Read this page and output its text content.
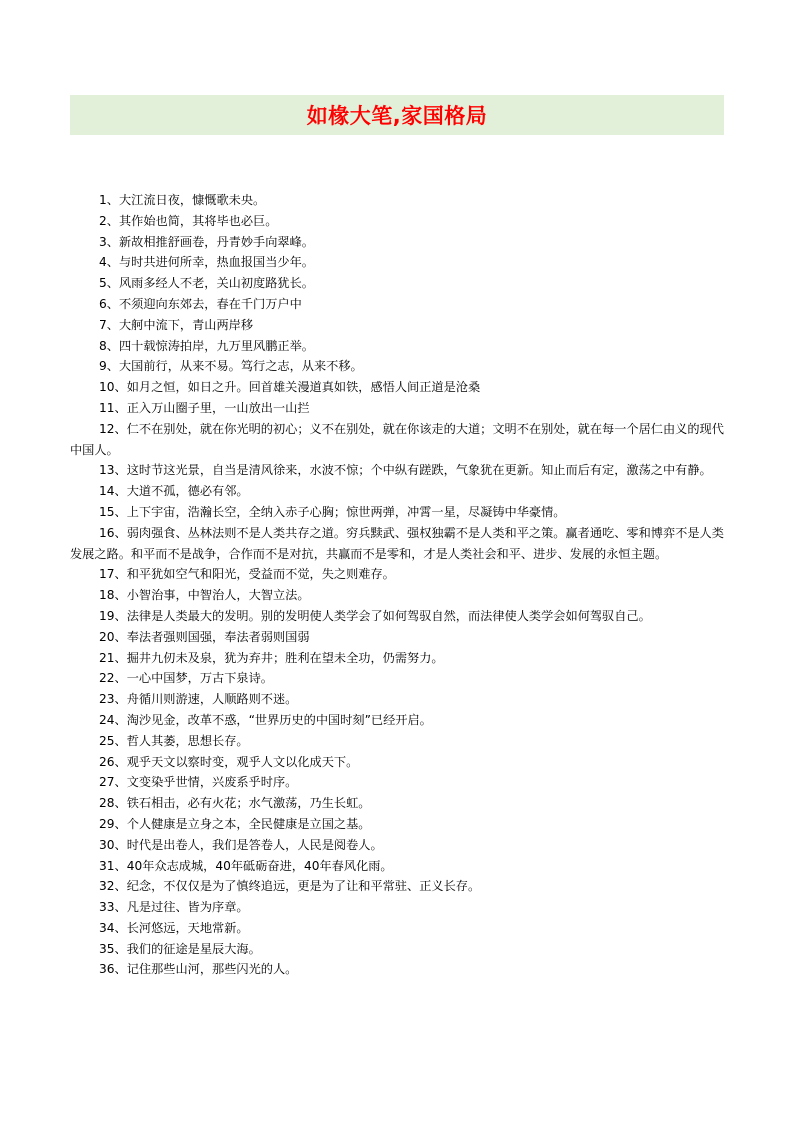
如椽大笔,家国格局

1、大江流日夜，慷慨歌未央。

2、其作始也简，其将毕也必巨。

3、新故相推舒画卷，丹青妙手向翠峰。

4、与时共进何所幸，热血报国当少年。

5、风雨多经人不老，关山初度路犹长。

6、不须迎向东郊去，春在千门万户中

7、大舸中流下，青山两岸移

8、四十载惊涛拍岸，九万里风鹏正举。

9、大国前行，从来不易。笃行之志，从来不移。

10、如月之恒，如日之升。回首雄关漫道真如铁，感悟人间正道是沧桑

11、正入万山圈子里，一山放出一山拦

12、仁不在别处，就在你光明的初心；义不在别处，就在你该走的大道；文明不在别处，就在每一个居仁由义的现代中国人。

13、这时节这光景，自当是清风徐来，水波不惊；个中纵有蹉跌，气象犹在更新。知止而后有定，激荡之中有静。

14、大道不孤，德必有邻。

15、上下宇宙，浩瀚长空，全纳入赤子心胸；惊世两弹，冲霄一星，尽凝铸中华豪情。

16、弱肉强食、丛林法则不是人类共存之道。穷兵黩武、强权独霸不是人类和平之策。赢者通吃、零和博弈不是人类发展之路。和平而不是战争，合作而不是对抗，共赢而不是零和，才是人类社会和平、进步、发展的永恒主题。

17、和平犹如空气和阳光，受益而不觉，失之则难存。

18、小智治事，中智治人，大智立法。

19、法律是人类最大的发明。别的发明使人类学会了如何驾驭自然，而法律使人类学会如何驾驭自己。

20、奉法者强则国强，奉法者弱则国弱

21、掘井九仞未及泉，犹为弃井；胜利在望未全功，仍需努力。

22、一心中国梦，万古下泉诗。

23、舟循川则游速，人顺路则不迷。

24、淘沙见金，改革不惑，“世界历史的中国时刻”已经开启。

25、哲人其萎，思想长存。

26、观乎天文以察时变，观乎人文以化成天下。

27、文变染乎世情，兴废系乎时序。

28、铁石相击，必有火花；水气激荡，乃生长虹。

29、个人健康是立身之本，全民健康是立国之基。

30、时代是出卷人，我们是答卷人，人民是阅卷人。

31、40年众志成城，40年砥砺奋进，40年春风化雨。

32、纪念，不仅仅是为了慎终追远，更是为了让和平常驻、正义长存。

33、凡是过往、皆为序章。

34、长河悠远，天地常新。

35、我们的征途是星辰大海。

36、记住那些山河，那些闪光的人。
